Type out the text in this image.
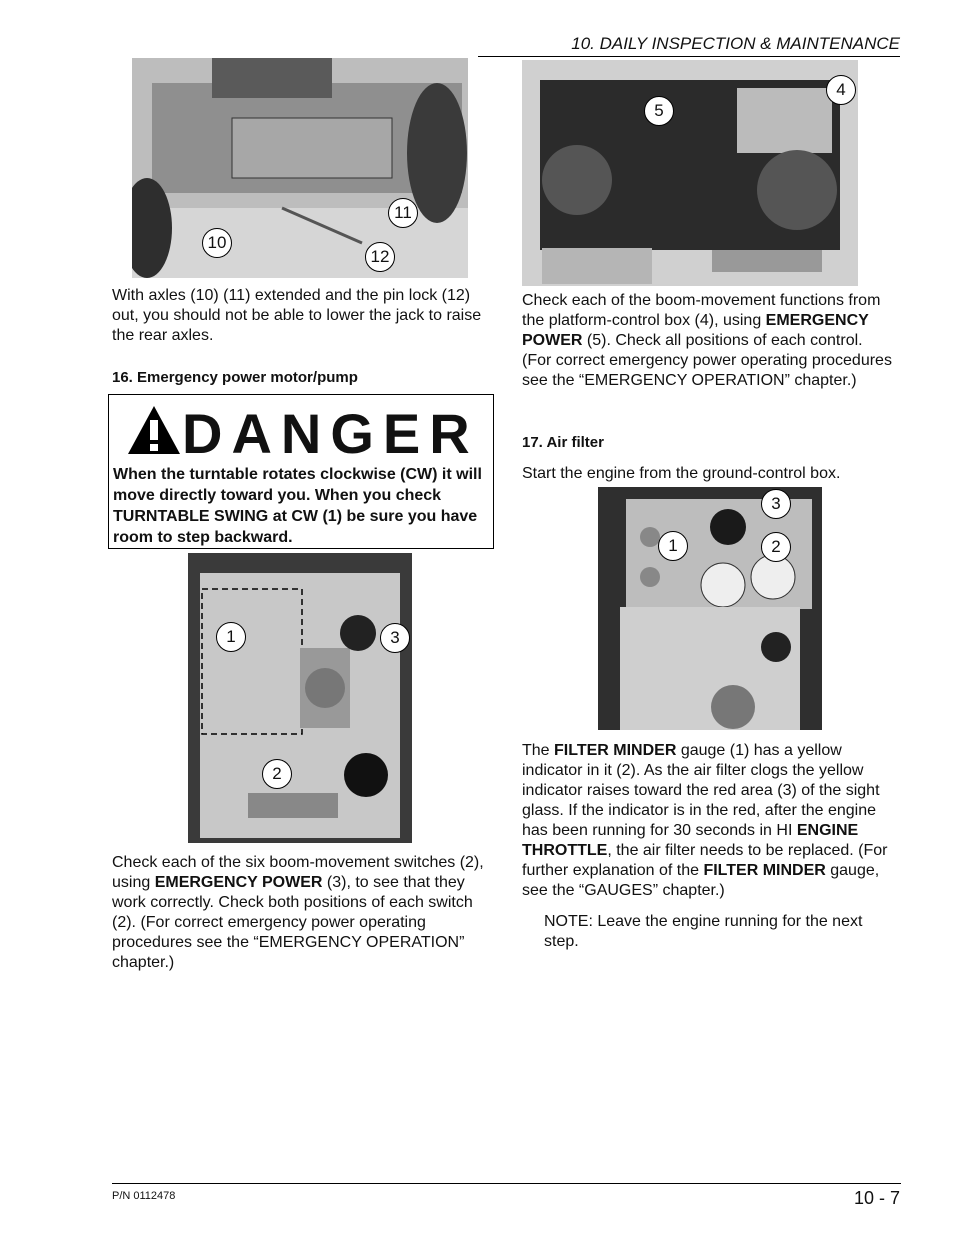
10. DAILY INSPECTION & MAINTENANCE
10
11
12
With axles (10) (11) extended and the pin lock (12) out, you should not be able to lower the jack to raise the rear axles.
16. Emergency power motor/pump
DANGER
When the turntable rotates clockwise (CW) it will move directly toward you. When you check TURNTABLE SWING at CW (1) be sure you have room to step backward.
1	3
2
Check each of the six boom-movement switches (2), using EMERGENCY POWER (3), to see that they work correctly. Check both positions of each switch (2). (For correct emergency power operating procedures see the “EMERGENCY OPERATION” chapter.)
4
5
Check each of the boom-movement functions from the platform-control box (4), using EMERGENCY POWER (5). Check all positions of each control. (For correct emergency power operating procedures see the “EMERGENCY OPERATION” chapter.)
17. Air filter
Start the engine from the ground-control box.
3
1	2
The FILTER MINDER gauge (1) has a yellow indicator in it (2). As the air filter clogs the yellow indicator raises toward the red area (3) of the sight glass. If the indicator is in the red, after the engine has been running for 30 seconds in HI ENGINE THROTTLE, the air filter needs to be replaced. (For further explanation of the FILTER MINDER gauge, see the “GAUGES” chapter.)
NOTE: Leave the engine running for the next step.
P/N 0112478	10 - 7
